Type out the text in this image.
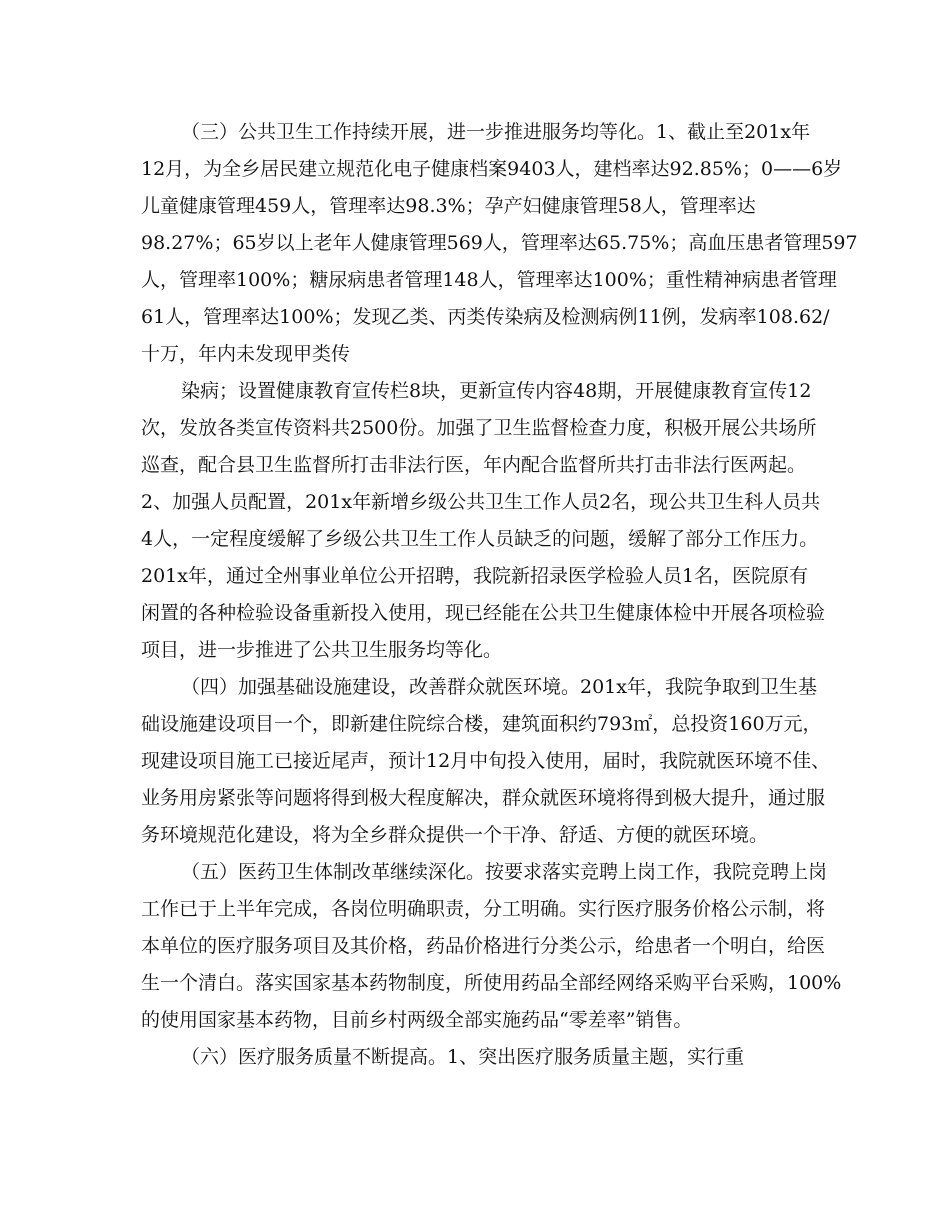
（三）公共卫生工作持续开展，进一步推进服务均等化。1、截止至201x年
12月，为全乡居民建立规范化电子健康档案9403人，建档率达92.85%；0——6岁
儿童健康管理459人，管理率达98.3%；孕产妇健康管理58人，管理率达
98.27%；65岁以上老年人健康管理569人，管理率达65.75%；高血压患者管理597
人，管理率100%；糖尿病患者管理148人，管理率达100%；重性精神病患者管理
61人，管理率达100%；发现乙类、丙类传染病及检测病例11例，发病率108.62/
十万，年内未发现甲类传
染病；设置健康教育宣传栏8块，更新宣传内容48期，开展健康教育宣传12
次，发放各类宣传资料共2500份。加强了卫生监督检查力度，积极开展公共场所
巡查，配合县卫生监督所打击非法行医，年内配合监督所共打击非法行医两起。
2、加强人员配置，201x年新增乡级公共卫生工作人员2名，现公共卫生科人员共
4人，一定程度缓解了乡级公共卫生工作人员缺乏的问题，缓解了部分工作压力。
201x年，通过全州事业单位公开招聘，我院新招录医学检验人员1名，医院原有
闲置的各种检验设备重新投入使用，现已经能在公共卫生健康体检中开展各项检验
项目，进一步推进了公共卫生服务均等化。
（四）加强基础设施建设，改善群众就医环境。201x年，我院争取到卫生基
础设施建设项目一个，即新建住院综合楼，建筑面积约793㎡，总投资160万元，
现建设项目施工已接近尾声，预计12月中旬投入使用，届时，我院就医环境不佳、
业务用房紧张等问题将得到极大程度解决，群众就医环境将得到极大提升，通过服
务环境规范化建设，将为全乡群众提供一个干净、舒适、方便的就医环境。
（五）医药卫生体制改革继续深化。按要求落实竞聘上岗工作，我院竞聘上岗
工作已于上半年完成，各岗位明确职责，分工明确。实行医疗服务价格公示制，将
本单位的医疗服务项目及其价格，药品价格进行分类公示，给患者一个明白，给医
生一个清白。落实国家基本药物制度，所使用药品全部经网络采购平台采购，100%
的使用国家基本药物，目前乡村两级全部实施药品“零差率”销售。
（六）医疗服务质量不断提高。1、突出医疗服务质量主题，实行重
